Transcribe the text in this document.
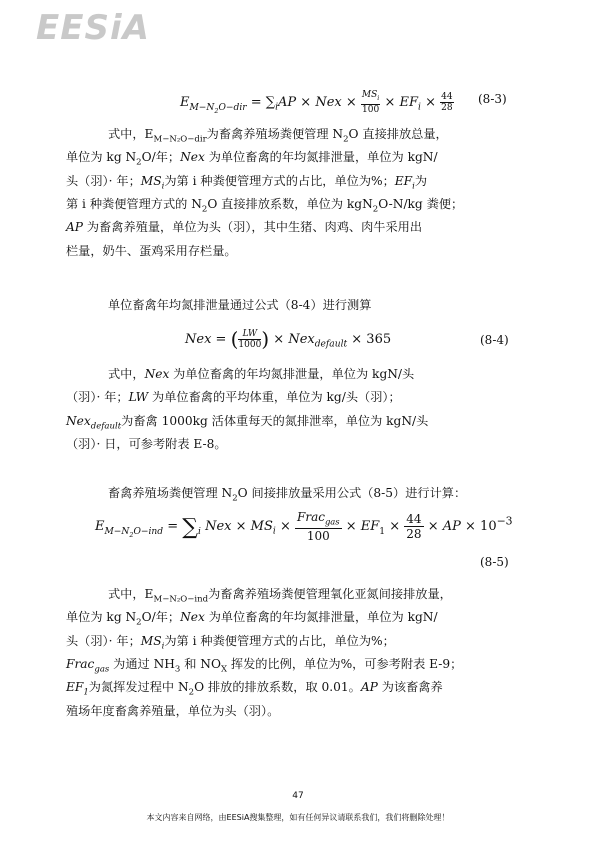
EESiA
$E_{M-N_2O-dir} = \sum_iAP$ × Nex × $\frac{MS_i}{100} \times EF_i \times \frac{44}{28} (8-3)$
式中，$E_{M-N_2O-dir}$为畜禽养殖场粪便管理 $N_2O$ 直接排放总量，
单位为 kg $N_2O/$年；Nex 为单位畜禽的年均氮排泄量，单位为 kgN/
头（羽）· 年；$MS_i$为第 i 种粪便管理方式的占比，单位为%；$EF_i$为
第 i 种粪便管理方式的 $N_2O$ 直接排放系数，单位为 kgN$_2$O-N/kg 粪便；
AP 为畜禽养殖量，单位为头（羽），其中生猪、肉鸡、肉牛采用出
栏量，奶牛、蛋鸡采用存栏量。
单位畜禽年均氮排泄量通过公式（8-4）进行测算
Nex = ( $\frac{LW}{1000}$ ) × Nex$_{default}$ × 365	(8-4)
式中，Nex 为单位畜禽的年均氮排泄量，单位为 kgN/头
（羽）· 年；LW 为单位畜禽的平均体重，单位为 kg/头（羽）；
Nex$_{default}$为畜禽 1000kg 活体重每天的氮排泄率，单位为 kgN/头
（羽）· 日，可参考附表 E-8。
畜禽养殖场粪便管理 $N_2O$ 间接排放量采用公式（8-5）进行计算：
$E_{M-N_2O-ind} = \sum_i$ Nex × $MS_i \times \frac{Frac_{gas}}{100} \times EF_1 \times \frac{44}{28}$ × AP × $10^{-3}$
(8-5)
式中，$E_{M-N_2O-ind}$为畜禽养殖场粪便管理氧化亚氮间接排放量，
单位为 kg $N_2O/$年；Nex 为单位畜禽的年均氮排泄量，单位为 kgN/
头（羽）· 年；$MS_i$为第 i 种粪便管理方式的占比，单位为%；
Frac$_{gas}$ 为通过 $NH_3$ 和 $NO_X$ 挥发的比例，单位为%，可参考附表 E-9；
$EF_1$为氮挥发过程中 $N_2O$ 排放的排放系数，取 0.01。AP 为该畜禽养
殖场年度畜禽养殖量，单位为头（羽）。
47
本文内容来自网络，由EESiA搜集整理，如有任何异议请联系我们，我们将删除处理！
